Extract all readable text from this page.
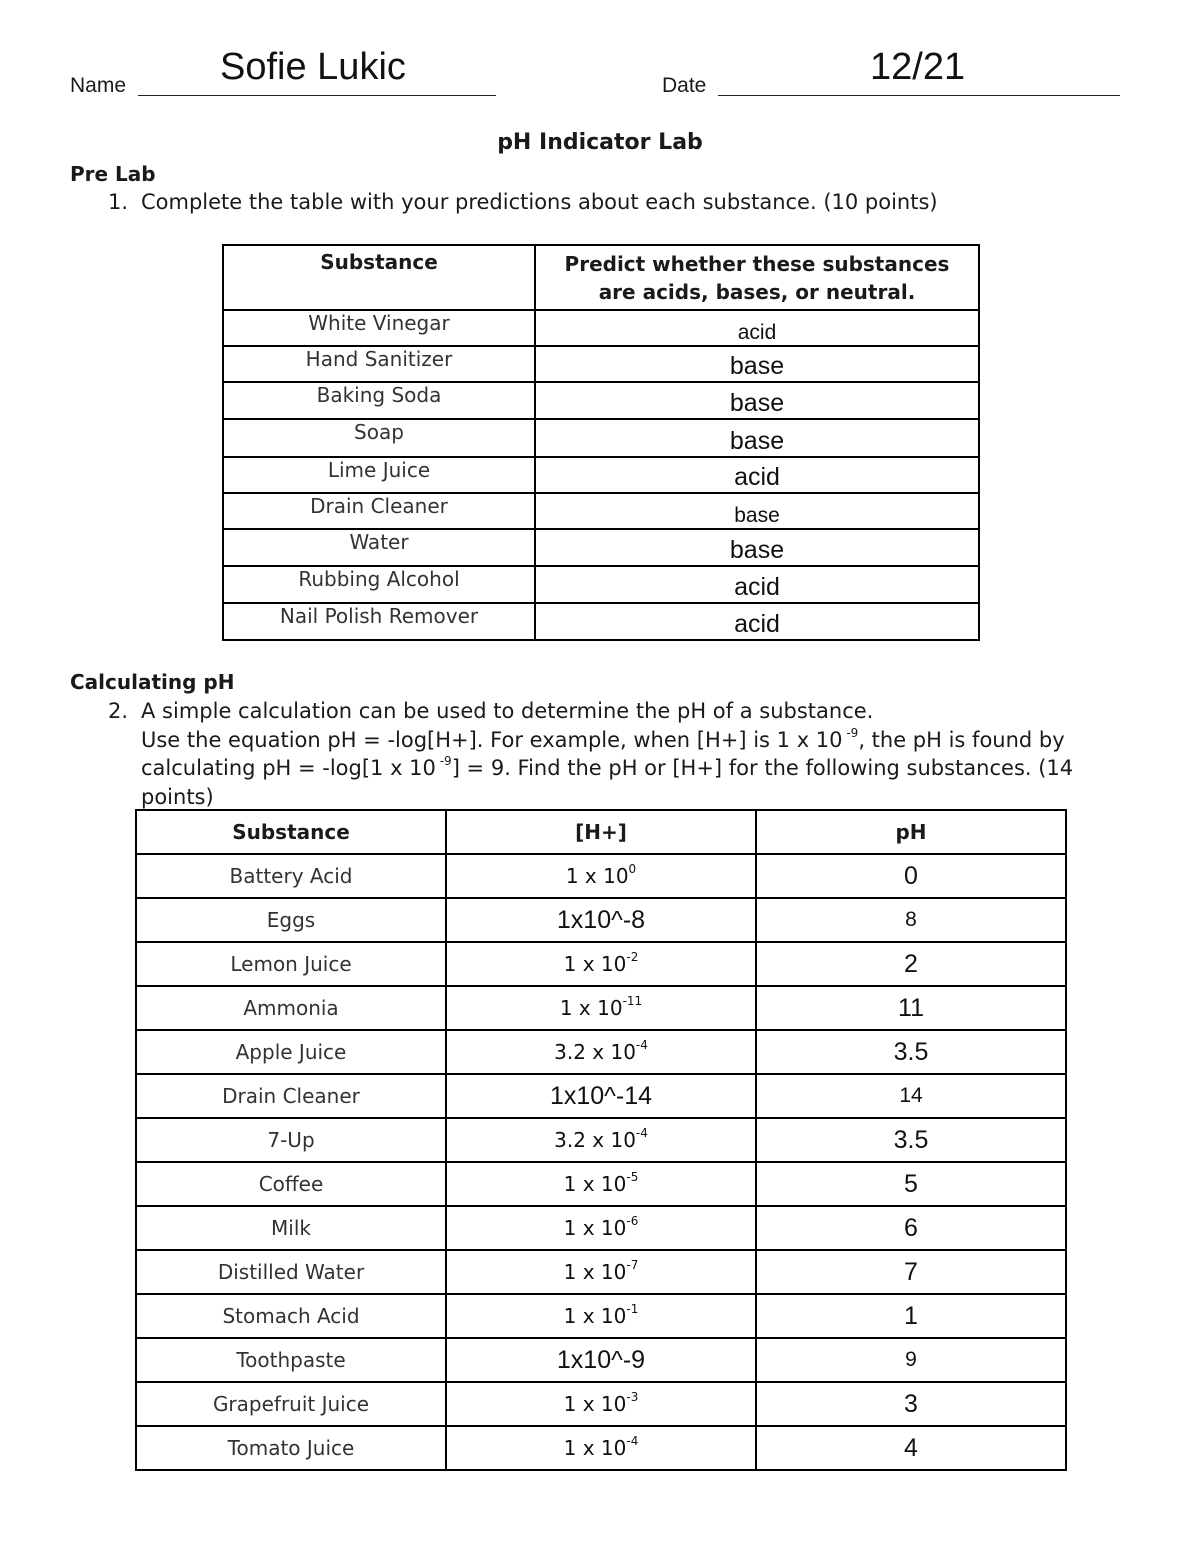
Name Sofie Lukic	Date	12/21
pH Indicator Lab
Pre Lab
1. Complete the table with your predictions about each substance. (10 points)
Substance	Predict whether these substances are acids, bases, or neutral.
White Vinegar	acid
Hand Sanitizer	base
Baking Soda	base
Soap	base
Lime Juice	acid
Drain Cleaner	base
Water	base
Rubbing Alcohol	acid
Nail Polish Remover	acid
Calculating pH
2. A simple calculation can be used to determine the pH of a substance.
Use the equation pH = -log[H+]. For example, when [H+] is 1 x 10 $^{-9}$, the pH is found by
calculating pH = -log[1 x 10 $^{-9}$] = 9. Find the pH or [H+] for the following substances. (14 points)
Substance	[H+]	pH
Battery Acid	1 x $10^0$	0
Eggs	1x10^-8	8
Lemon Juice	1 x $10^{-2}$	2
Ammonia	1 x $10^{-11}$	11
Apple Juice	3.2 x $10^{-4}$	3.5
Drain Cleaner	1x10^-14	14
7-Up	3.2 x $10^{-4}$	3.5
Coffee	1 x $10^{-5}$	5
Milk	1 x $10^{-6}$	6
Distilled Water	1 x $10^{-7}$	7
Stomach Acid	1 x $10^{-1}$	1
Toothpaste	1x10^-9	9
Grapefruit Juice	1 x $10^{-3}$	3
Tomato Juice	1 x $10^{-4}$	4
